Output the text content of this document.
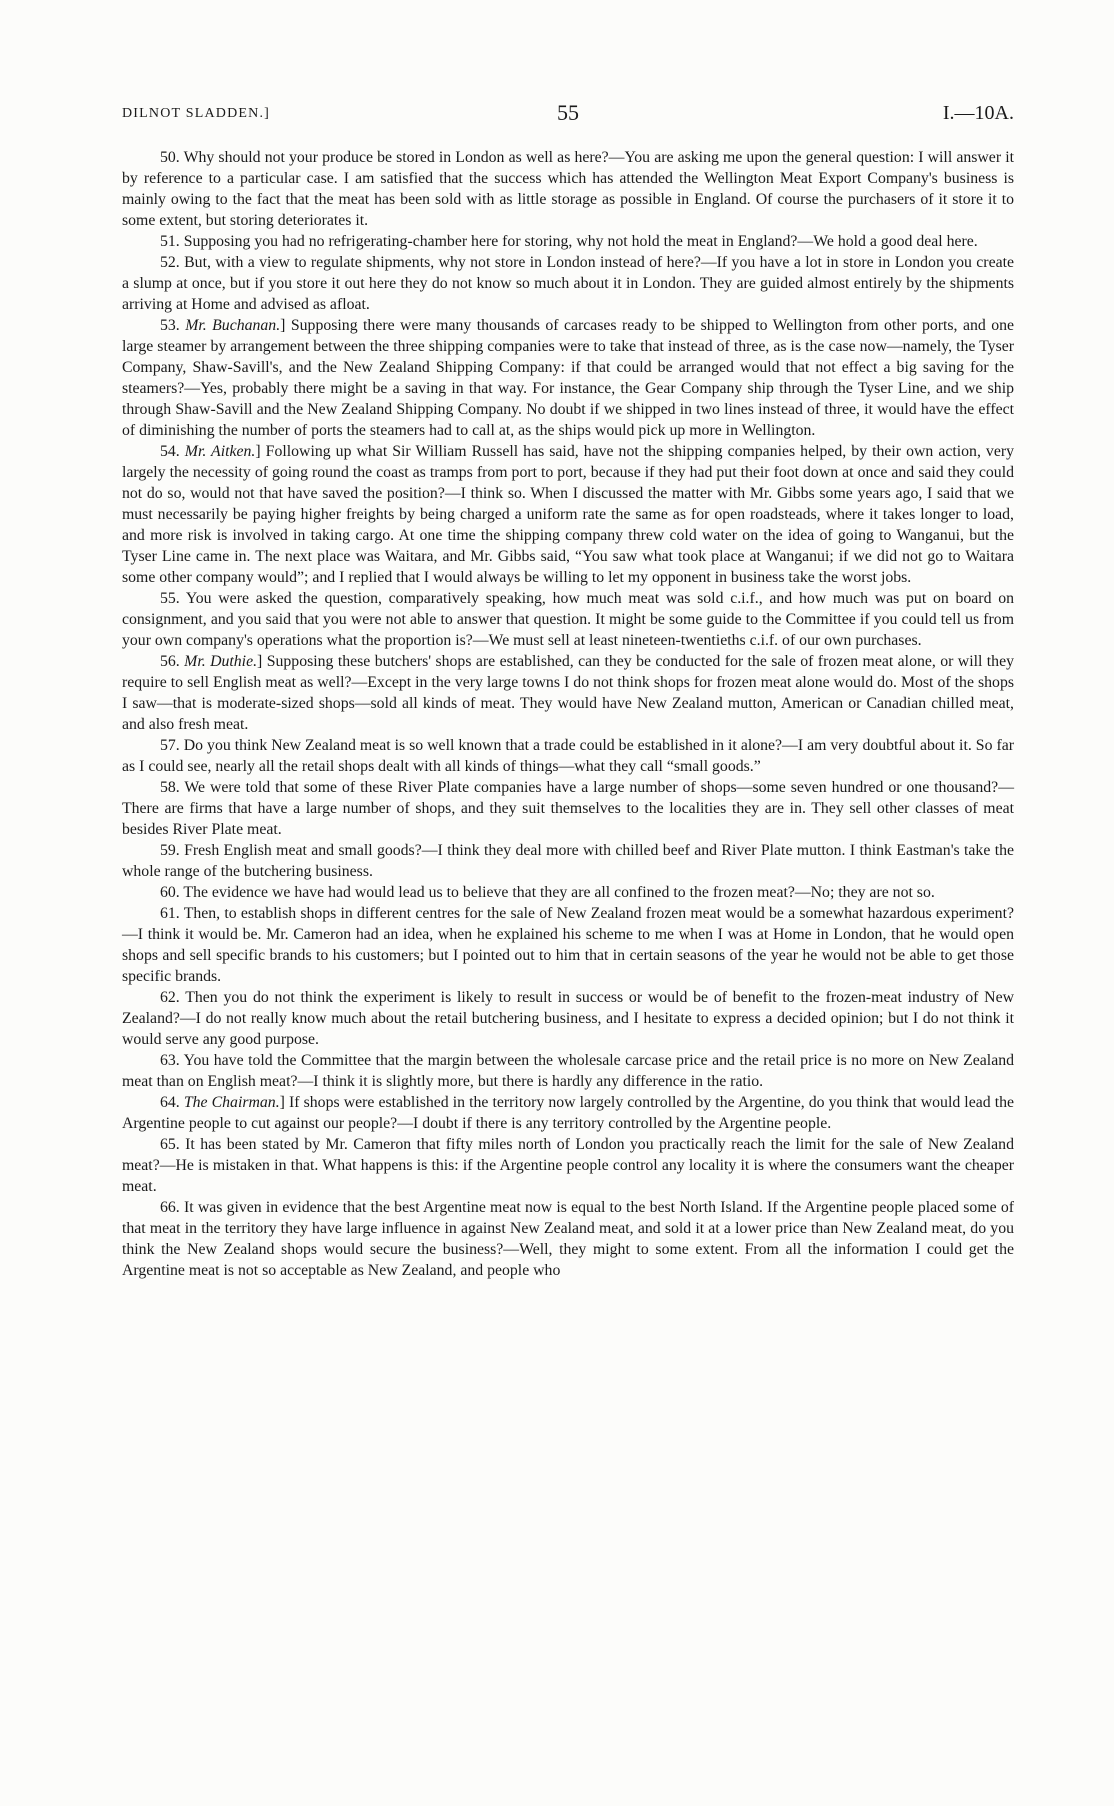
DILNOT SLADDEN.]	55	I.—10A.

50. Why should not your produce be stored in London as well as here?—You are asking me upon the general question: I will answer it by reference to a particular case. I am satisfied that the success which has attended the Wellington Meat Export Company's business is mainly owing to the fact that the meat has been sold with as little storage as possible in England. Of course the purchasers of it store it to some extent, but storing deteriorates it.

51. Supposing you had no refrigerating-chamber here for storing, why not hold the meat in England?—We hold a good deal here.

52. But, with a view to regulate shipments, why not store in London instead of here?—If you have a lot in store in London you create a slump at once, but if you store it out here they do not know so much about it in London. They are guided almost entirely by the shipments arriving at Home and advised as afloat.

53. Mr. Buchanan.] Supposing there were many thousands of carcases ready to be shipped to Wellington from other ports, and one large steamer by arrangement between the three shipping companies were to take that instead of three, as is the case now—namely, the Tyser Company, Shaw-Savill's, and the New Zealand Shipping Company: if that could be arranged would that not effect a big saving for the steamers?—Yes, probably there might be a saving in that way. For instance, the Gear Company ship through the Tyser Line, and we ship through Shaw-Savill and the New Zealand Shipping Company. No doubt if we shipped in two lines instead of three, it would have the effect of diminishing the number of ports the steamers had to call at, as the ships would pick up more in Wellington.

54. Mr. Aitken.] Following up what Sir William Russell has said, have not the shipping companies helped, by their own action, very largely the necessity of going round the coast as tramps from port to port, because if they had put their foot down at once and said they could not do so, would not that have saved the position?—I think so. When I discussed the matter with Mr. Gibbs some years ago, I said that we must necessarily be paying higher freights by being charged a uniform rate the same as for open roadsteads, where it takes longer to load, and more risk is involved in taking cargo. At one time the shipping company threw cold water on the idea of going to Wanganui, but the Tyser Line came in. The next place was Waitara, and Mr. Gibbs said, “You saw what took place at Wanganui; if we did not go to Waitara some other company would”; and I replied that I would always be willing to let my opponent in business take the worst jobs.

55. You were asked the question, comparatively speaking, how much meat was sold c.i.f., and how much was put on board on consignment, and you said that you were not able to answer that question. It might be some guide to the Committee if you could tell us from your own company's operations what the proportion is?—We must sell at least nineteen-twentieths c.i.f. of our own purchases.

56. Mr. Duthie.] Supposing these butchers' shops are established, can they be conducted for the sale of frozen meat alone, or will they require to sell English meat as well?—Except in the very large towns I do not think shops for frozen meat alone would do. Most of the shops I saw—that is moderate-sized shops—sold all kinds of meat. They would have New Zealand mutton, American or Canadian chilled meat, and also fresh meat.

57. Do you think New Zealand meat is so well known that a trade could be established in it alone?—I am very doubtful about it. So far as I could see, nearly all the retail shops dealt with all kinds of things—what they call “small goods.”

58. We were told that some of these River Plate companies have a large number of shops—some seven hundred or one thousand?—There are firms that have a large number of shops, and they suit themselves to the localities they are in. They sell other classes of meat besides River Plate meat.

59. Fresh English meat and small goods?—I think they deal more with chilled beef and River Plate mutton. I think Eastman's take the whole range of the butchering business.

60. The evidence we have had would lead us to believe that they are all confined to the frozen meat?—No; they are not so.

61. Then, to establish shops in different centres for the sale of New Zealand frozen meat would be a somewhat hazardous experiment?—I think it would be. Mr. Cameron had an idea, when he explained his scheme to me when I was at Home in London, that he would open shops and sell specific brands to his customers; but I pointed out to him that in certain seasons of the year he would not be able to get those specific brands.

62. Then you do not think the experiment is likely to result in success or would be of benefit to the frozen-meat industry of New Zealand?—I do not really know much about the retail butchering business, and I hesitate to express a decided opinion; but I do not think it would serve any good purpose.

63. You have told the Committee that the margin between the wholesale carcase price and the retail price is no more on New Zealand meat than on English meat?—I think it is slightly more, but there is hardly any difference in the ratio.

64. The Chairman.] If shops were established in the territory now largely controlled by the Argentine, do you think that would lead the Argentine people to cut against our people?—I doubt if there is any territory controlled by the Argentine people.

65. It has been stated by Mr. Cameron that fifty miles north of London you practically reach the limit for the sale of New Zealand meat?—He is mistaken in that. What happens is this: if the Argentine people control any locality it is where the consumers want the cheaper meat.

66. It was given in evidence that the best Argentine meat now is equal to the best North Island. If the Argentine people placed some of that meat in the territory they have large influence in against New Zealand meat, and sold it at a lower price than New Zealand meat, do you think the New Zealand shops would secure the business?—Well, they might to some extent. From all the information I could get the Argentine meat is not so acceptable as New Zealand, and people who
